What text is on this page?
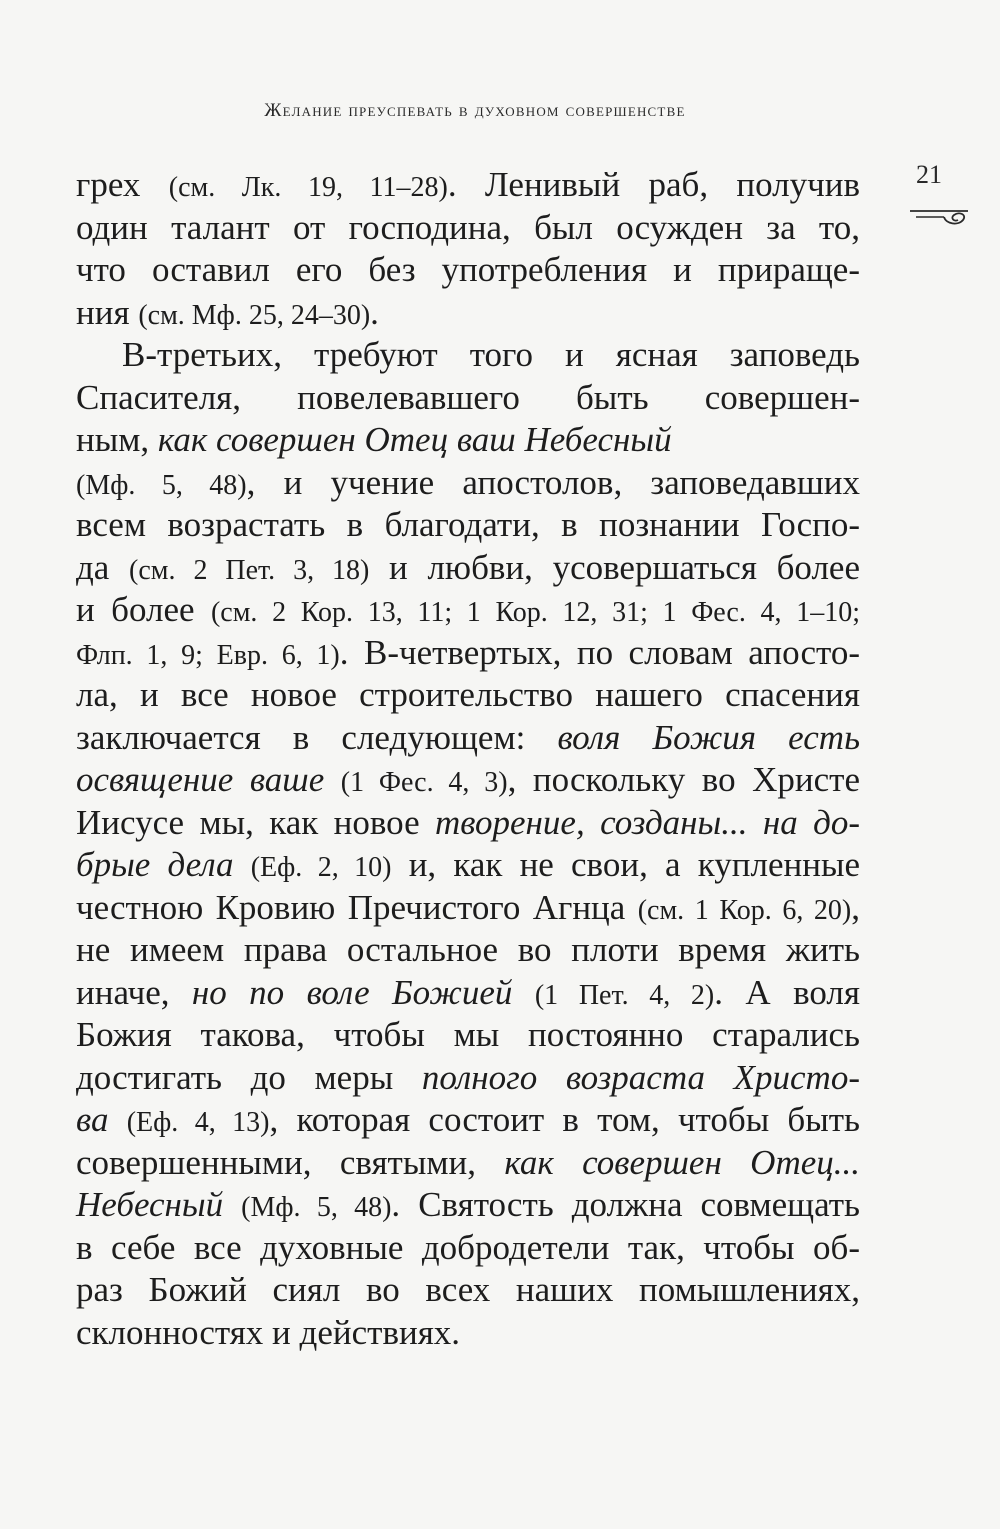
Желание преуспевать в духовном совершенстве
21
грех (см. Лк. 19, 11–28). Ленивый раб, получив
один талант от господина, был осужден за то,
что оставил его без употребления и прираще-
ния (см. Мф. 25, 24–30).
В-третьих, требуют того и ясная заповедь
Спасителя, повелевавшего быть совершен-
ным, как совершен Отец ваш Небесный
(Мф. 5, 48), и учение апостолов, заповедавших
всем возрастать в благодати, в познании Госпо-
да (см. 2 Пет. 3, 18) и любви, усовершаться более
и более (см. 2 Кор. 13, 11; 1 Кор. 12, 31; 1 Фес. 4, 1–10;
Флп. 1, 9; Евр. 6, 1). В-четвертых, по словам апосто-
ла, и все новое строительство нашего спасения
заключается в следующем: воля Божия есть
освящение ваше (1 Фес. 4, 3), поскольку во Христе
Иисусе мы, как новое творение, созданы... на до-
брые дела (Еф. 2, 10) и, как не свои, а купленные
честною Кровию Пречистого Агнца (см. 1 Кор. 6, 20),
не имеем права остальное во плоти время жить
иначе, но по воле Божией (1 Пет. 4, 2). А воля
Божия такова, чтобы мы постоянно старались
достигать до меры полного возраста Христо-
ва (Еф. 4, 13), которая состоит в том, чтобы быть
совершенными, святыми, как совершен Отец...
Небесный (Мф. 5, 48). Святость должна совмещать
в себе все духовные добродетели так, чтобы об-
раз Божий сиял во всех наших помышлениях,
склонностях и действиях.
